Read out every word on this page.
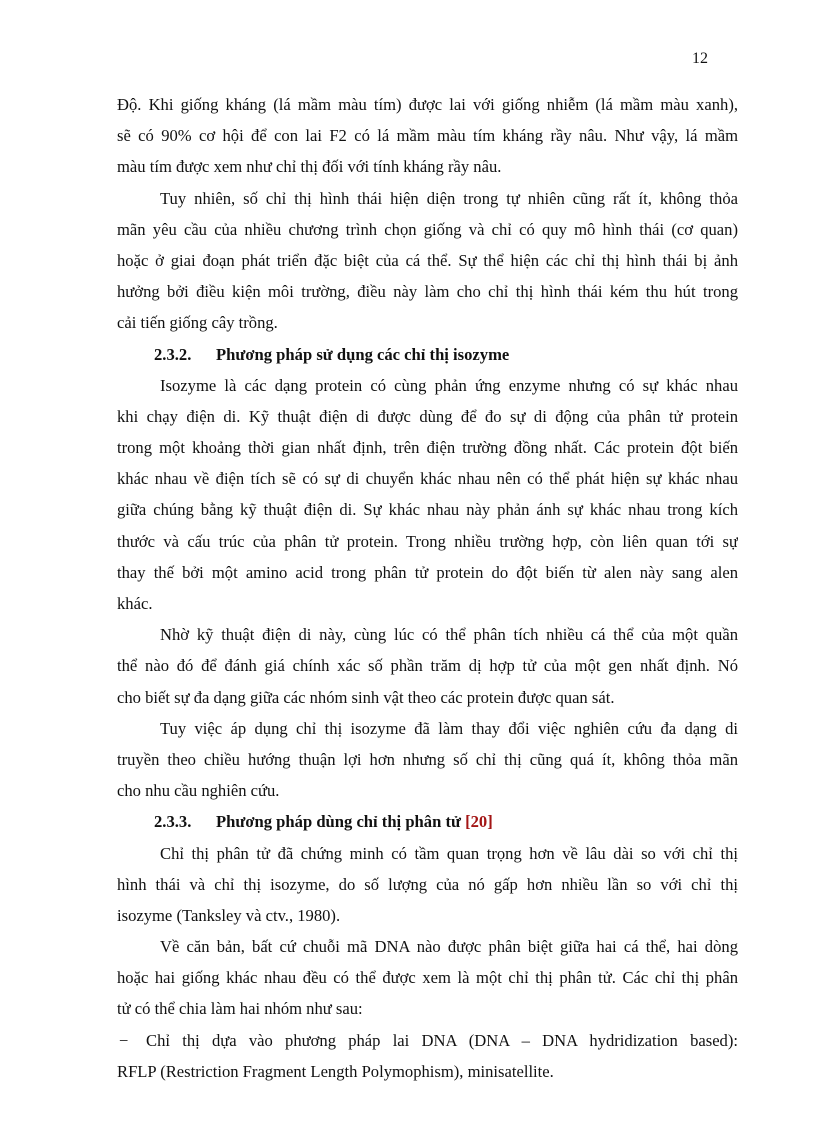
12
Độ. Khi giống kháng (lá mầm màu tím) được lai với giống nhiễm (lá mầm màu xanh),
sẽ có 90% cơ hội để con lai F2 có lá mầm màu tím kháng rầy nâu. Như vậy, lá mầm
màu tím được xem như chỉ thị đối với tính kháng rầy nâu.
Tuy nhiên, số chỉ thị hình thái hiện diện trong tự nhiên cũng rất ít, không thỏa
mãn yêu cầu của nhiều chương trình chọn giống và chỉ có quy mô hình thái (cơ quan)
hoặc ở giai đoạn phát triển đặc biệt của cá thể. Sự thể hiện các chỉ thị hình thái bị ảnh
hưởng bởi điều kiện môi trường, điều này làm cho chỉ thị hình thái kém thu hút trong
cải tiến giống cây trồng.
2.3.2. Phương pháp sử dụng các chỉ thị isozyme
Isozyme là các dạng protein có cùng phản ứng enzyme nhưng có sự khác nhau
khi chạy điện di. Kỹ thuật điện di được dùng để đo sự di động của phân tử protein
trong một khoảng thời gian nhất định, trên điện trường đồng nhất. Các protein đột biến
khác nhau về điện tích sẽ có sự di chuyển khác nhau nên có thể phát hiện sự khác nhau
giữa chúng bằng kỹ thuật điện di. Sự khác nhau này phản ánh sự khác nhau trong kích
thước và cấu trúc của phân tử protein. Trong nhiều trường hợp, còn liên quan tới sự
thay thế bởi một amino acid trong phân tử protein do đột biến từ alen này sang alen
khác.
Nhờ kỹ thuật điện di này, cùng lúc có thể phân tích nhiều cá thể của một quần
thể nào đó để đánh giá chính xác số phần trăm dị hợp tử của một gen nhất định. Nó
cho biết sự đa dạng giữa các nhóm sinh vật theo các protein được quan sát.
Tuy việc áp dụng chỉ thị isozyme đã làm thay đổi việc nghiên cứu đa dạng di
truyền theo chiều hướng thuận lợi hơn nhưng số chỉ thị cũng quá ít, không thỏa mãn
cho nhu cầu nghiên cứu.
2.3.3. Phương pháp dùng chỉ thị phân tử [20]
Chỉ thị phân tử đã chứng minh có tầm quan trọng hơn về lâu dài so với chỉ thị
hình thái và chỉ thị isozyme, do số lượng của nó gấp hơn nhiều lần so với chỉ thị
isozyme (Tanksley và ctv., 1980).
Về căn bản, bất cứ chuỗi mã DNA nào được phân biệt giữa hai cá thể, hai dòng
hoặc hai giống khác nhau đều có thể được xem là một chỉ thị phân tử. Các chỉ thị phân
tử có thể chia làm hai nhóm như sau:
−	Chỉ thị dựa vào phương pháp lai DNA (DNA – DNA hydridization based):
RFLP (Restriction Fragment Length Polymophism), minisatellite.
